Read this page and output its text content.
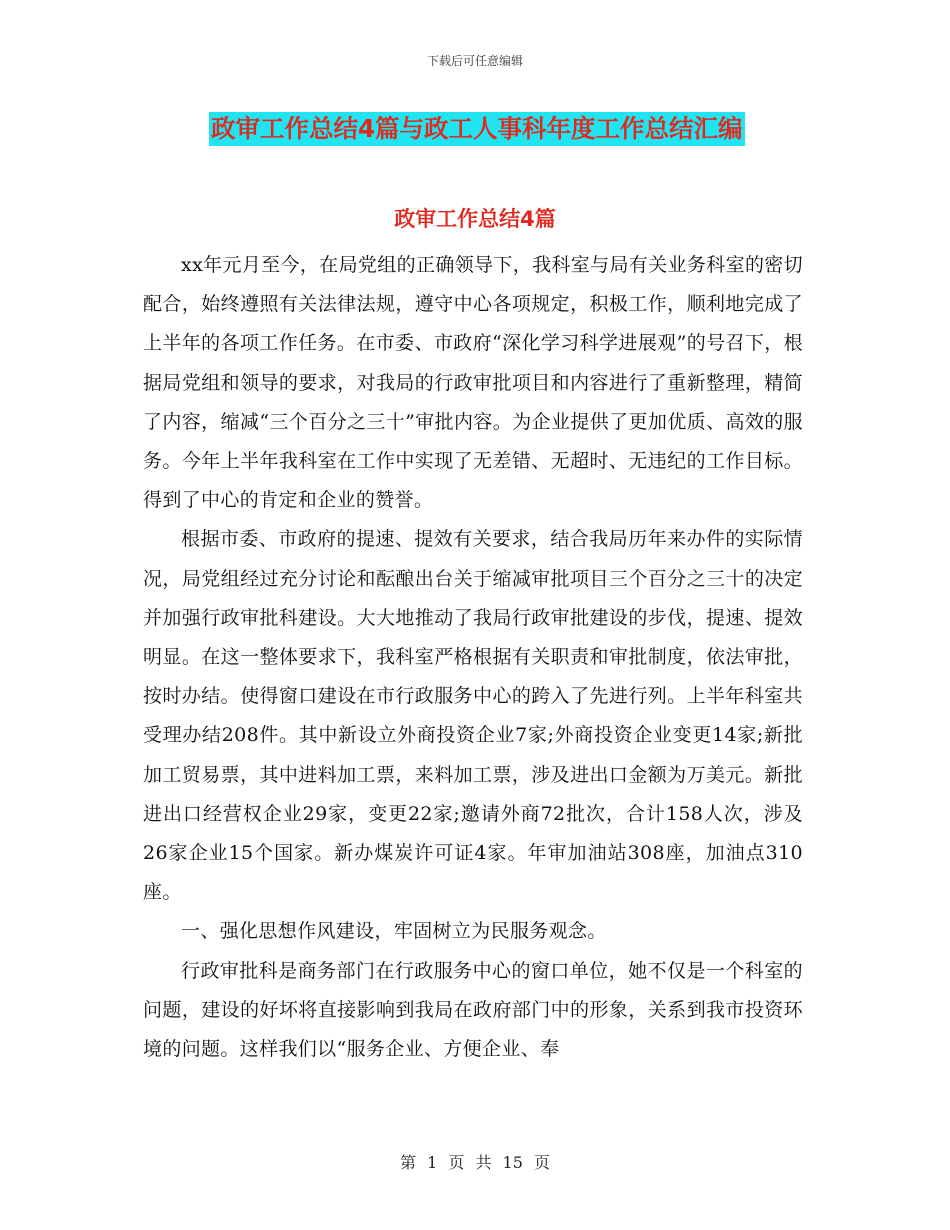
下载后可任意编辑
政审工作总结4篇与政工人事科年度工作总结汇编
政审工作总结4篇

xx年元月至今，在局党组的正确领导下，我科室与局有关业务科室的密切配合，始终遵照有关法律法规，遵守中心各项规定，积极工作，顺利地完成了上半年的各项工作任务。在市委、市政府“深化学习科学进展观”的号召下，根据局党组和领导的要求，对我局的行政审批项目和内容进行了重新整理，精简了内容，缩减“三个百分之三十”审批内容。为企业提供了更加优质、高效的服务。今年上半年我科室在工作中实现了无差错、无超时、无违纪的工作目标。得到了中心的肯定和企业的赞誉。

根据市委、市政府的提速、提效有关要求，结合我局历年来办件的实际情况，局党组经过充分讨论和酝酿出台关于缩减审批项目三个百分之三十的决定并加强行政审批科建设。大大地推动了我局行政审批建设的步伐，提速、提效明显。在这一整体要求下，我科室严格根据有关职责和审批制度，依法审批，按时办结。使得窗口建设在市行政服务中心的跨入了先进行列。上半年科室共受理办结208件。其中新设立外商投资企业7家;外商投资企业变更14家;新批加工贸易票，其中进料加工票，来料加工票，涉及进出口金额为万美元。新批进出口经营权企业29家，变更22家;邀请外商72批次，合计158人次，涉及26家企业15个国家。新办煤炭许可证4家。年审加油站308座，加油点310座。

一、强化思想作风建设，牢固树立为民服务观念。

行政审批科是商务部门在行政服务中心的窗口单位，她不仅是一个科室的问题，建设的好坏将直接影响到我局在政府部门中的形象，关系到我市投资环境的问题。这样我们以“服务企业、方便企业、奉

第 1 页 共 15 页
